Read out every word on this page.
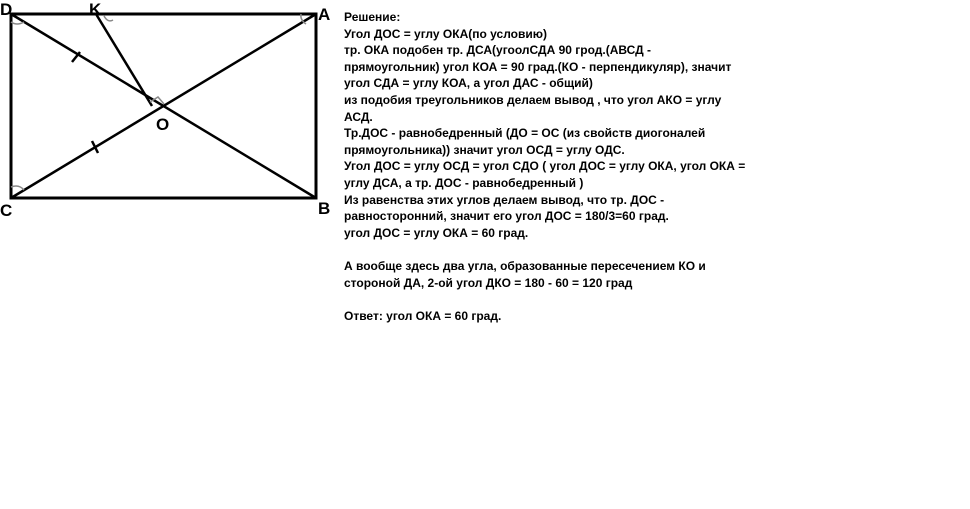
D	K	A
O
C	B
Решение:
Угол ДОС = углу ОКА(по условию)
тр. ОКА подобен тр. ДСА(угоолСДА 90 грод.(АВСД -
прямоугольник) угол КОА = 90 град.(КО - перпендикуляр), значит
угол СДА = углу КОА, а угол ДАС - общий)
из подобия треугольников делаем вывод , что угол АКО = углу
АСД.
Тр.ДОС - равнобедренный (ДО = ОС (из свойств диогоналей
прямоугольника)) значит угол ОСД = углу ОДС.
Угол ДОС = углу ОСД = угол СДО ( угол ДОС = углу ОКА, угол ОКА =
углу ДСА, а тр. ДОС - равнобедренный )
Из равенства этих углов делаем вывод, что тр. ДОС -
равносторонний, значит его угол ДОС = 180/3=60 град.
угол ДОС = углу ОКА = 60 град.
А вообще здесь два угла, образованные пересечением КО и
стороной ДА, 2-ой угол ДКО = 180 - 60 = 120 град
Ответ: угол ОКА = 60 град.
